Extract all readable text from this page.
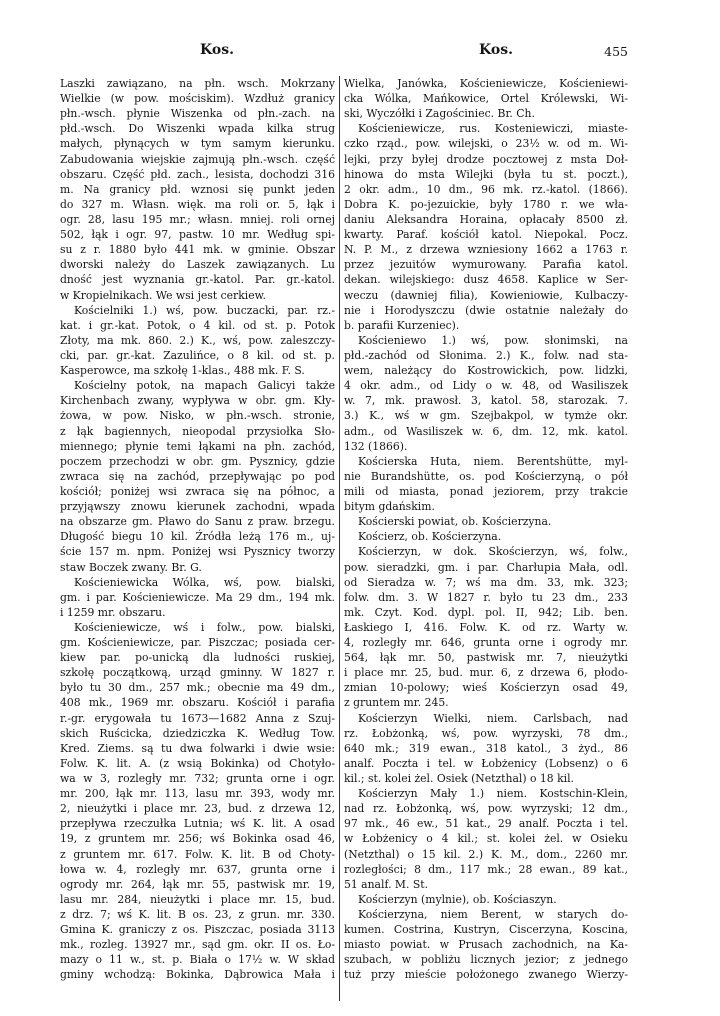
Kos.	Kos.	455
Laszki zawiązano, na płn. wsch. Mokrzany
Wielkie (w pow. mościskim). Wzdłuż granicy
płn.-wsch. płynie Wiszenka od płn.-zach. na
płd.-wsch. Do Wiszenki wpada kilka strug
małych, płynących w tym samym kierunku.
Zabudowania wiejskie zajmują płn.-wsch. część
obszaru. Część płd. zach., lesista, dochodzi 316
m. Na granicy płd. wznosi się punkt jeden
do 327 m. Własn. więk. ma roli or. 5, łąk i
ogr. 28, lasu 195 mr.; własn. mniej. roli ornej
502, łąk i ogr. 97, pastw. 10 mr. Według spi-
su z r. 1880 było 441 mk. w gminie. Obszar
dworski należy do Laszek zawiązanych. Lu
dność jest wyznania gr.-katol. Par. gr.-katol.
w Kropielnikach. We wsi jest cerkiew.
Kościelniki 1.) wś, pow. buczacki, par. rz.-
kat. i gr.-kat. Potok, o 4 kil. od st. p. Potok
Złoty, ma mk. 860. 2.) K., wś, pow. zaleszczy-
cki, par. gr.-kat. Zazulińce, o 8 kil. od st. p.
Kasperowce, ma szkołę 1-klas., 488 mk. F. S.
Kościelny potok, na mapach Galicyi także
Kirchenbach zwany, wypływa w obr. gm. Kły-
żowa, w pow. Nisko, w płn.-wsch. stronie,
z łąk bagiennych, nieopodal przysiołka Sło-
miennego; płynie temi łąkami na płn. zachód,
poczem przechodzi w obr. gm. Pysznicy, gdzie
zwraca się na zachód, przepływając po pod
kościół; poniżej wsi zwraca się na północ, a
przyjąwszy znowu kierunek zachodni, wpada
na obszarze gm. Pławo do Sanu z praw. brzegu.
Długość biegu 10 kil. Źródła leżą 176 m., uj-
ście 157 m. npm. Poniżej wsi Pysznicy tworzy
staw Boczek zwany. Br. G.
Kościeniewicka Wólka, wś, pow. bialski,
gm. i par. Kościeniewicze. Ma 29 dm., 194 mk.
i 1259 mr. obszaru.
Kościeniewicze, wś i folw., pow. bialski,
gm. Kościeniewicze, par. Piszczac; posiada cer-
kiew par. po-unicką dla ludności ruskiej,
szkołę początkową, urząd gminny. W 1827 r.
było tu 30 dm., 257 mk.; obecnie ma 49 dm.,
408 mk., 1969 mr. obszaru. Kościół i parafia
r.-gr. erygowała tu 1673—1682 Anna z Szuj-
skich Ruścicka, dziedziczka K. Według Tow.
Kred. Ziems. są tu dwa folwarki i dwie wsie:
Folw. K. lit. A. (z wsią Bokinka) od Chotyło-
wa w 3, rozległy mr. 732; grunta orne i ogr.
mr. 200, łąk mr. 113, lasu mr. 393, wody mr.
2, nieużytki i place mr. 23, bud. z drzewa 12,
przepływa rzeczułka Lutnia; wś K. lit. A osad
19, z gruntem mr. 256; wś Bokinka osad 46,
z gruntem mr. 617. Folw. K. lit. B od Choty-
łowa w. 4, rozległy mr. 637, grunta orne i
ogrody mr. 264, łąk mr. 55, pastwisk mr. 19,
lasu mr. 284, nieużytki i place mr. 15, bud.
z drz. 7; wś K. lit. B os. 23, z grun. mr. 330.
Gmina K. graniczy z os. Piszczac, posiada 3113
mk., rozleg. 13927 mr., sąd gm. okr. II os. Ło-
mazy o 11 w., st. p. Biała o 17½ w. W skład
gminy wchodzą: Bokinka, Dąbrowica Mała i
Wielka, Janówka, Kościeniewicze, Kościeniewi-
cka Wólka, Mańkowice, Ortel Królewski, Wi-
ski, Wyczółki i Zagościniec. Br. Ch.
Kościeniewicze, rus. Kosteniewiczi, miaste-
czko rząd., pow. wilejski, o 23½ w. od m. Wi-
lejki, przy byłej drodze pocztowej z msta Doł-
hinowa do msta Wilejki (była tu st. poczt.),
2 okr. adm., 10 dm., 96 mk. rz.-katol. (1866).
Dobra K. po-jezuickie, były 1780 r. we wła-
daniu Aleksandra Horaina, opłacały 8500 zł.
kwarty. Paraf. kościół katol. Niepokal. Pocz.
N. P. M., z drzewa wzniesiony 1662 a 1763 r.
przez jezuitów wymurowany. Parafia katol.
dekan. wilejskiego: dusz 4658. Kaplice w Ser-
weczu (dawniej filia), Kowieniowie, Kulbaczy-
nie i Horodyszczu (dwie ostatnie należały do
b. parafii Kurzeniec).
Kościeniewo 1.) wś, pow. słonimski, na
płd.-zachód od Słonima. 2.) K., folw. nad sta-
wem, należący do Kostrowickich, pow. lidzki,
4 okr. adm., od Lidy o w. 48, od Wasiliszek
w. 7, mk. prawosł. 3, katol. 58, starozak. 7.
3.) K., wś w gm. Szejbakpol, w tymże okr.
adm., od Wasiliszek w. 6, dm. 12, mk. katol.
132 (1866).
Kościerska Huta, niem. Berentshütte, myl-
nie Burandshütte, os. pod Kościerzyną, o pół
mili od miasta, ponad jeziorem, przy trakcie
bitym gdańskim.
Kościerski powiat, ob. Kościerzyna.
Kościerz, ob. Kościerzyna.
Kościerzyn, w dok. Skościerzyn, wś, folw.,
pow. sieradzki, gm. i par. Charłupia Mała, odl.
od Sieradza w. 7; wś ma dm. 33, mk. 323;
folw. dm. 3. W 1827 r. było tu 23 dm., 233
mk. Czyt. Kod. dypl. pol. II, 942; Lib. ben.
Łaskiego I, 416. Folw. K. od rz. Warty w.
4, rozległy mr. 646, grunta orne i ogrody mr.
564, łąk mr. 50, pastwisk mr. 7, nieużytki
i place mr. 25, bud. mur. 6, z drzewa 6, płodo-
zmian 10-polowy; wieś Kościerzyn osad 49,
z gruntem mr. 245.
Kościerzyn Wielki, niem. Carlsbach, nad
rz. Łobżonką, wś, pow. wyrzyski, 78 dm.,
640 mk.; 319 ewan., 318 katol., 3 żyd., 86
analf. Poczta i tel. w Łobżenicy (Lobsenz) o 6
kil.; st. kolei żel. Osiek (Netzthal) o 18 kil.
Kościerzyn Mały 1.) niem. Kostschin-Klein,
nad rz. Łobżonką, wś, pow. wyrzyski; 12 dm.,
97 mk., 46 ew., 51 kat., 29 analf. Poczta i tel.
w Łobżenicy o 4 kil.; st. kolei żel. w Osieku
(Netzthal) o 15 kil. 2.) K. M., dom., 2260 mr.
rozległości; 8 dm., 117 mk.; 28 ewan., 89 kat.,
51 analf. M. St.
Kościerzyn (mylnie), ob. Kościaszyn.
Kościerzyna, niem Berent, w starych do-
kumen. Costrina, Kustryn, Ciscerzyna, Koscina,
miasto powiat. w Prusach zachodnich, na Ka-
szubach, w pobliżu licznych jezior; z jednego
tuż przy mieście położonego zwanego Wierzy-
